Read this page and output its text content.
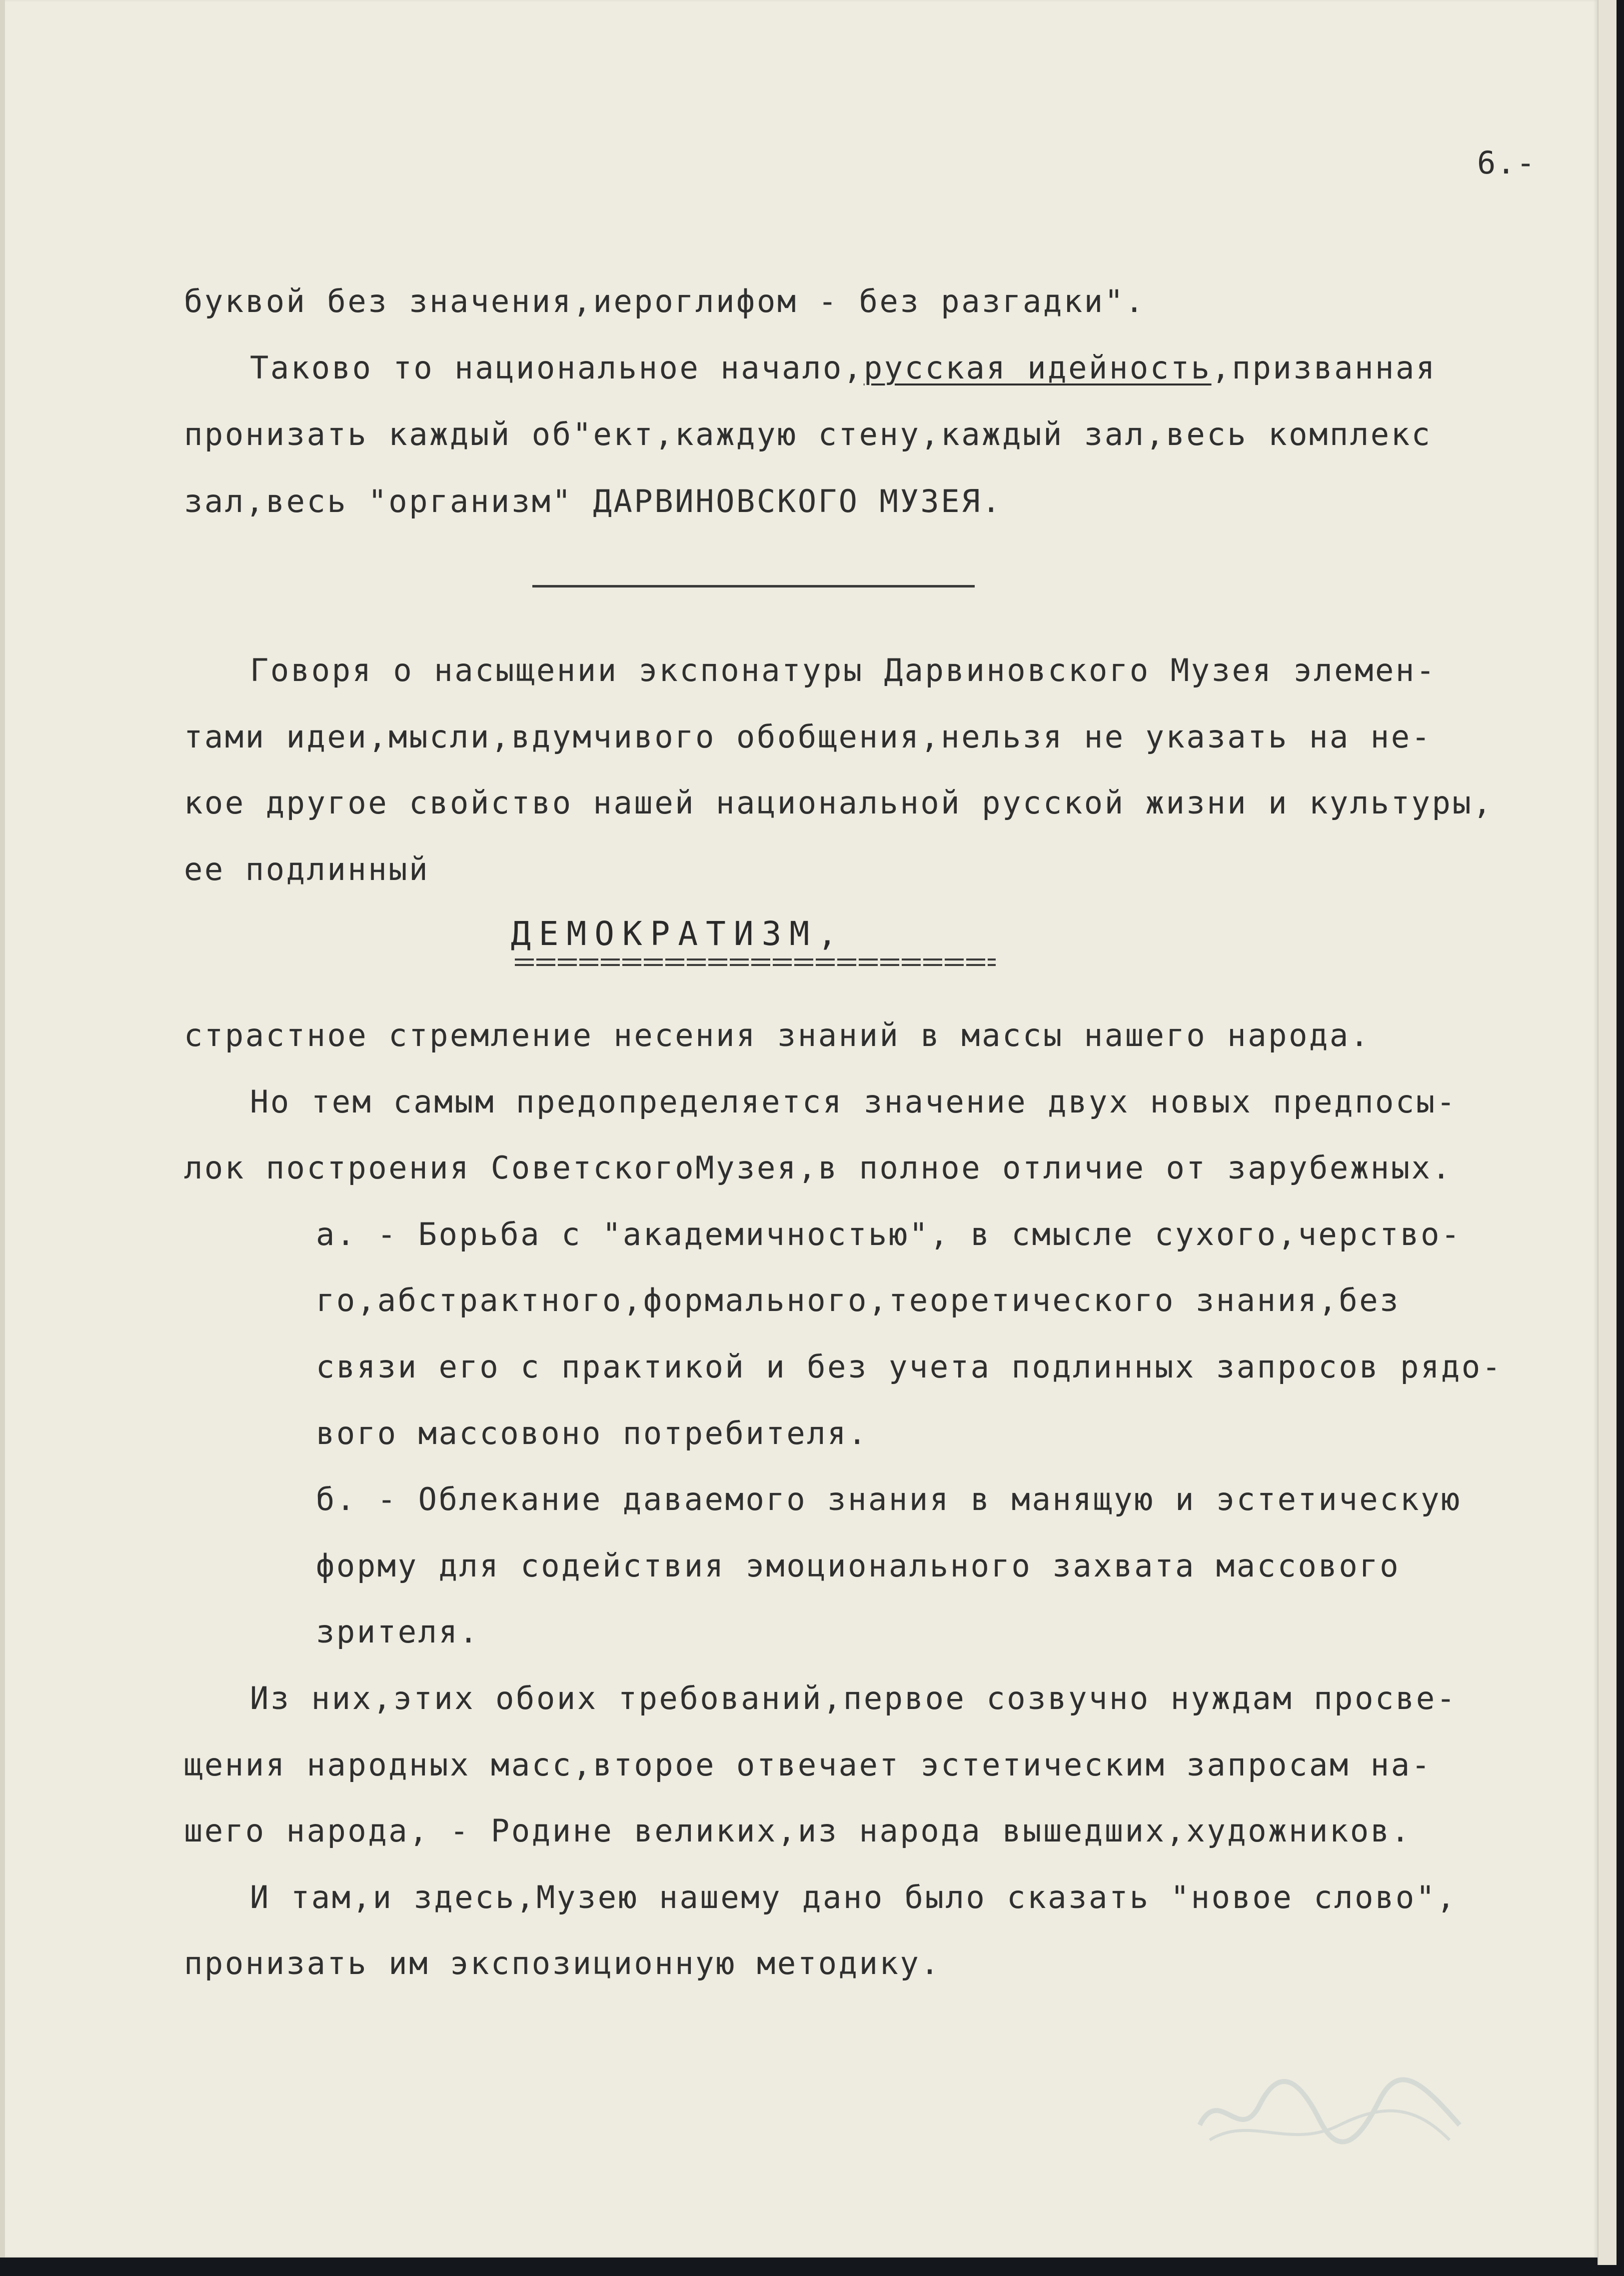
6.-

буквой без значения,иероглифом - без разгадки".

Таково то национальное начало,русская идейность,призванная

пронизать каждый об"ект,каждую стену,каждый зал,весь комплекс

зал,весь "организм" ДАРВИНОВСКОГО МУЗЕЯ.

Говоря о насыщении экспонатуры Дарвиновского Музея элемен-

тами идеи,мысли,вдумчивого обобщения,нельзя не указать на не-

кое другое свойство нашей национальной русской жизни и культуры,

ее подлинный

ДЕМОКРАТИЗМ,

страстное стремление несения знаний в массы нашего народа.

Но тем самым предопределяется значение двух новых предпосы-

лок построения СоветскогоМузея,в полное отличие от зарубежных.

а. - Борьба с "академичностью", в смысле сухого,черство-

го,абстрактного,формального,теоретического знания,без

связи его с практикой и без учета подлинных запросов рядо-

вого массовоно потребителя.

б. - Облекание даваемого знания в манящую и эстетическую

форму для содействия эмоционального захвата массового

зрителя.

Из них,этих обоих требований,первое созвучно нуждам просве-

щения народных масс,второе отвечает эстетическим запросам на-

шего народа, - Родине великих,из народа вышедших,художников.

И там,и здесь,Музею нашему дано было сказать "новое слово",

пронизать им экспозиционную методику.
